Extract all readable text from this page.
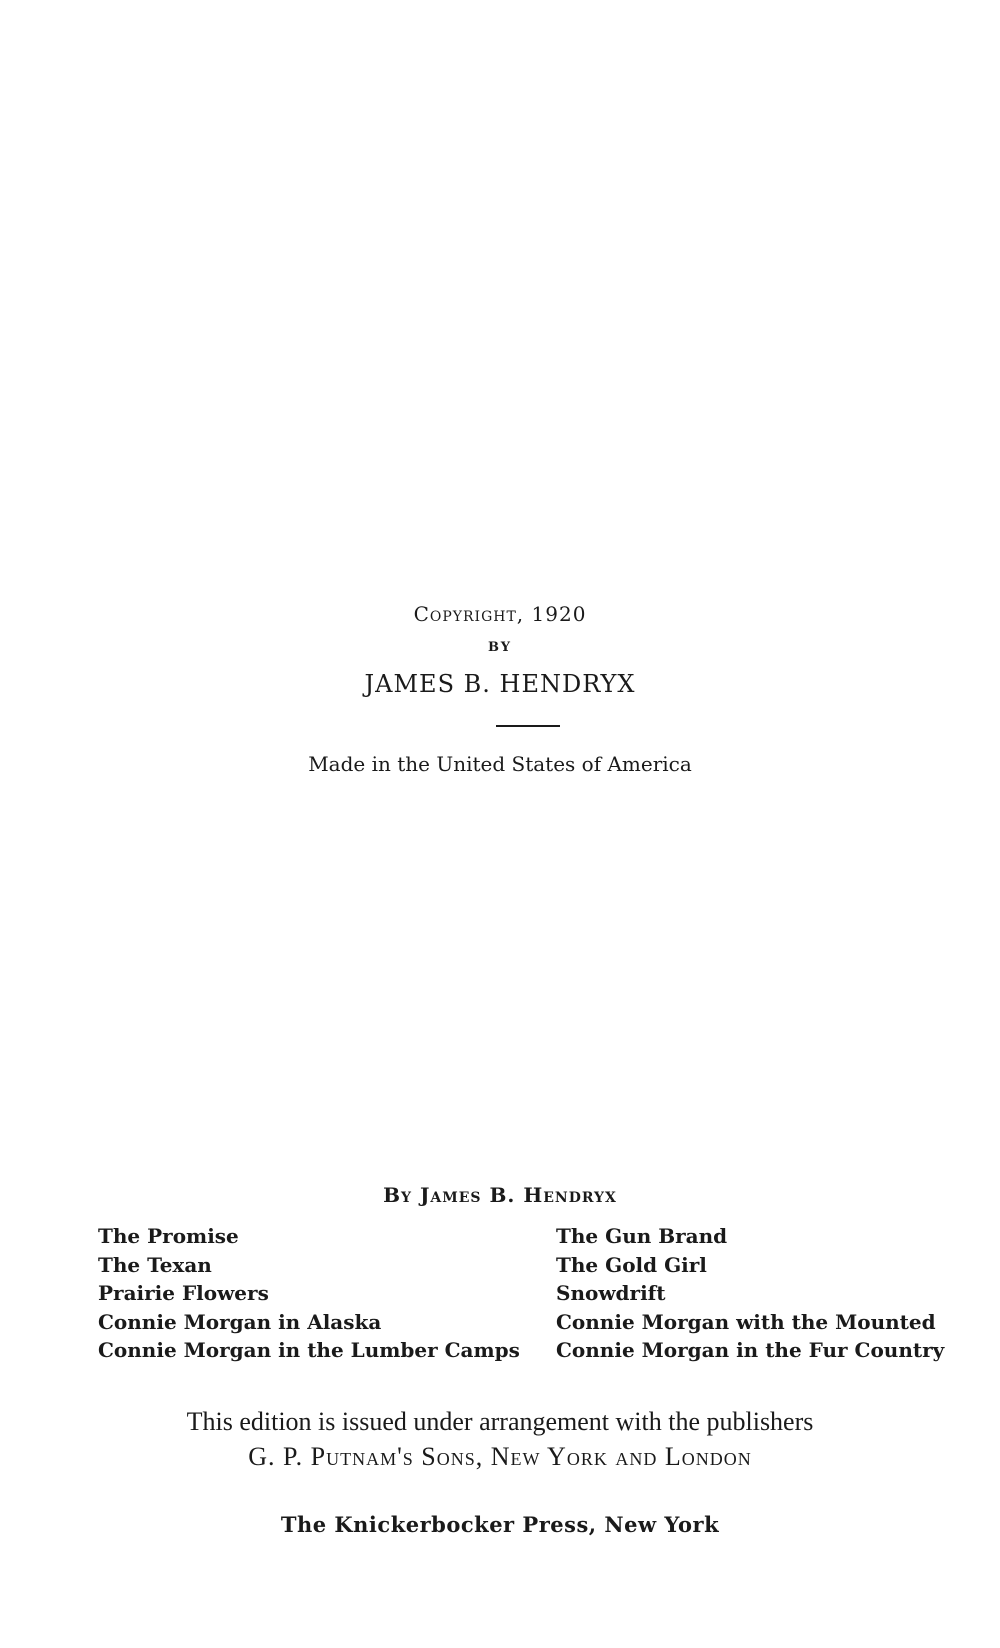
Copyright, 1920
BY
JAMES B. HENDRYX
Made in the United States of America
By James B. Hendryx
The Promise
The Texan
Prairie Flowers
Connie Morgan in Alaska
Connie Morgan in the Lumber Camps
The Gun Brand
The Gold Girl
Snowdrift
Connie Morgan with the Mounted
Connie Morgan in the Fur Country
This edition is issued under arrangement with the publishers
G. P. Putnam's Sons, New York and London
The Knickerbocker Press, New York
